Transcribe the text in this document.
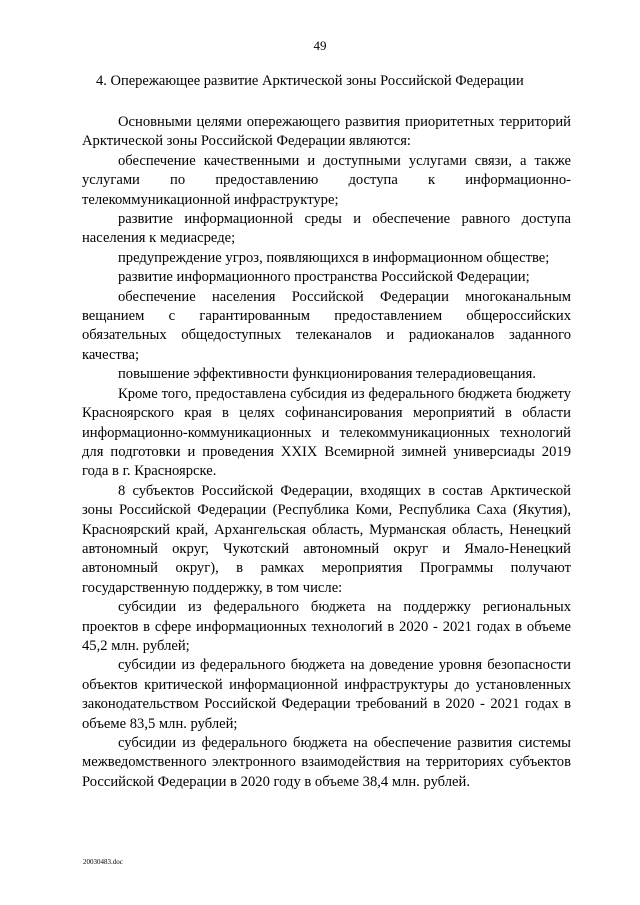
49
4. Опережающее развитие Арктической зоны Российской Федерации

Основными целями опережающего развития приоритетных территорий Арктической зоны Российской Федерации являются:

обеспечение качественными и доступными услугами связи, а также услугами по предоставлению доступа к информационно-телекоммуникационной инфраструктуре;

развитие информационной среды и обеспечение равного доступа населения к медиасреде;

предупреждение угроз, появляющихся в информационном обществе;

развитие информационного пространства Российской Федерации;

обеспечение населения Российской Федерации многоканальным вещанием с гарантированным предоставлением общероссийских обязательных общедоступных телеканалов и радиоканалов заданного качества;

повышение эффективности функционирования телерадиовещания.

Кроме того, предоставлена субсидия из федерального бюджета бюджету Красноярского края в целях софинансирования мероприятий в области информационно-коммуникационных и телекоммуникационных технологий для подготовки и проведения XXIX Всемирной зимней универсиады 2019 года в г. Красноярске.

8 субъектов Российской Федерации, входящих в состав Арктической зоны Российской Федерации (Республика Коми, Республика Саха (Якутия), Красноярский край, Архангельская область, Мурманская область, Ненецкий автономный округ, Чукотский автономный округ и Ямало-Ненецкий автономный округ), в рамках мероприятия Программы получают государственную поддержку, в том числе:

субсидии из федерального бюджета на поддержку региональных проектов в сфере информационных технологий в 2020 - 2021 годах в объеме 45,2 млн. рублей;

субсидии из федерального бюджета на доведение уровня безопасности объектов критической информационной инфраструктуры до установленных законодательством Российской Федерации требований в 2020 - 2021 годах в объеме 83,5 млн. рублей;

субсидии из федерального бюджета на обеспечение развития системы межведомственного электронного взаимодействия на территориях субъектов Российской Федерации в 2020 году в объеме 38,4 млн. рублей.

20030483.doc
